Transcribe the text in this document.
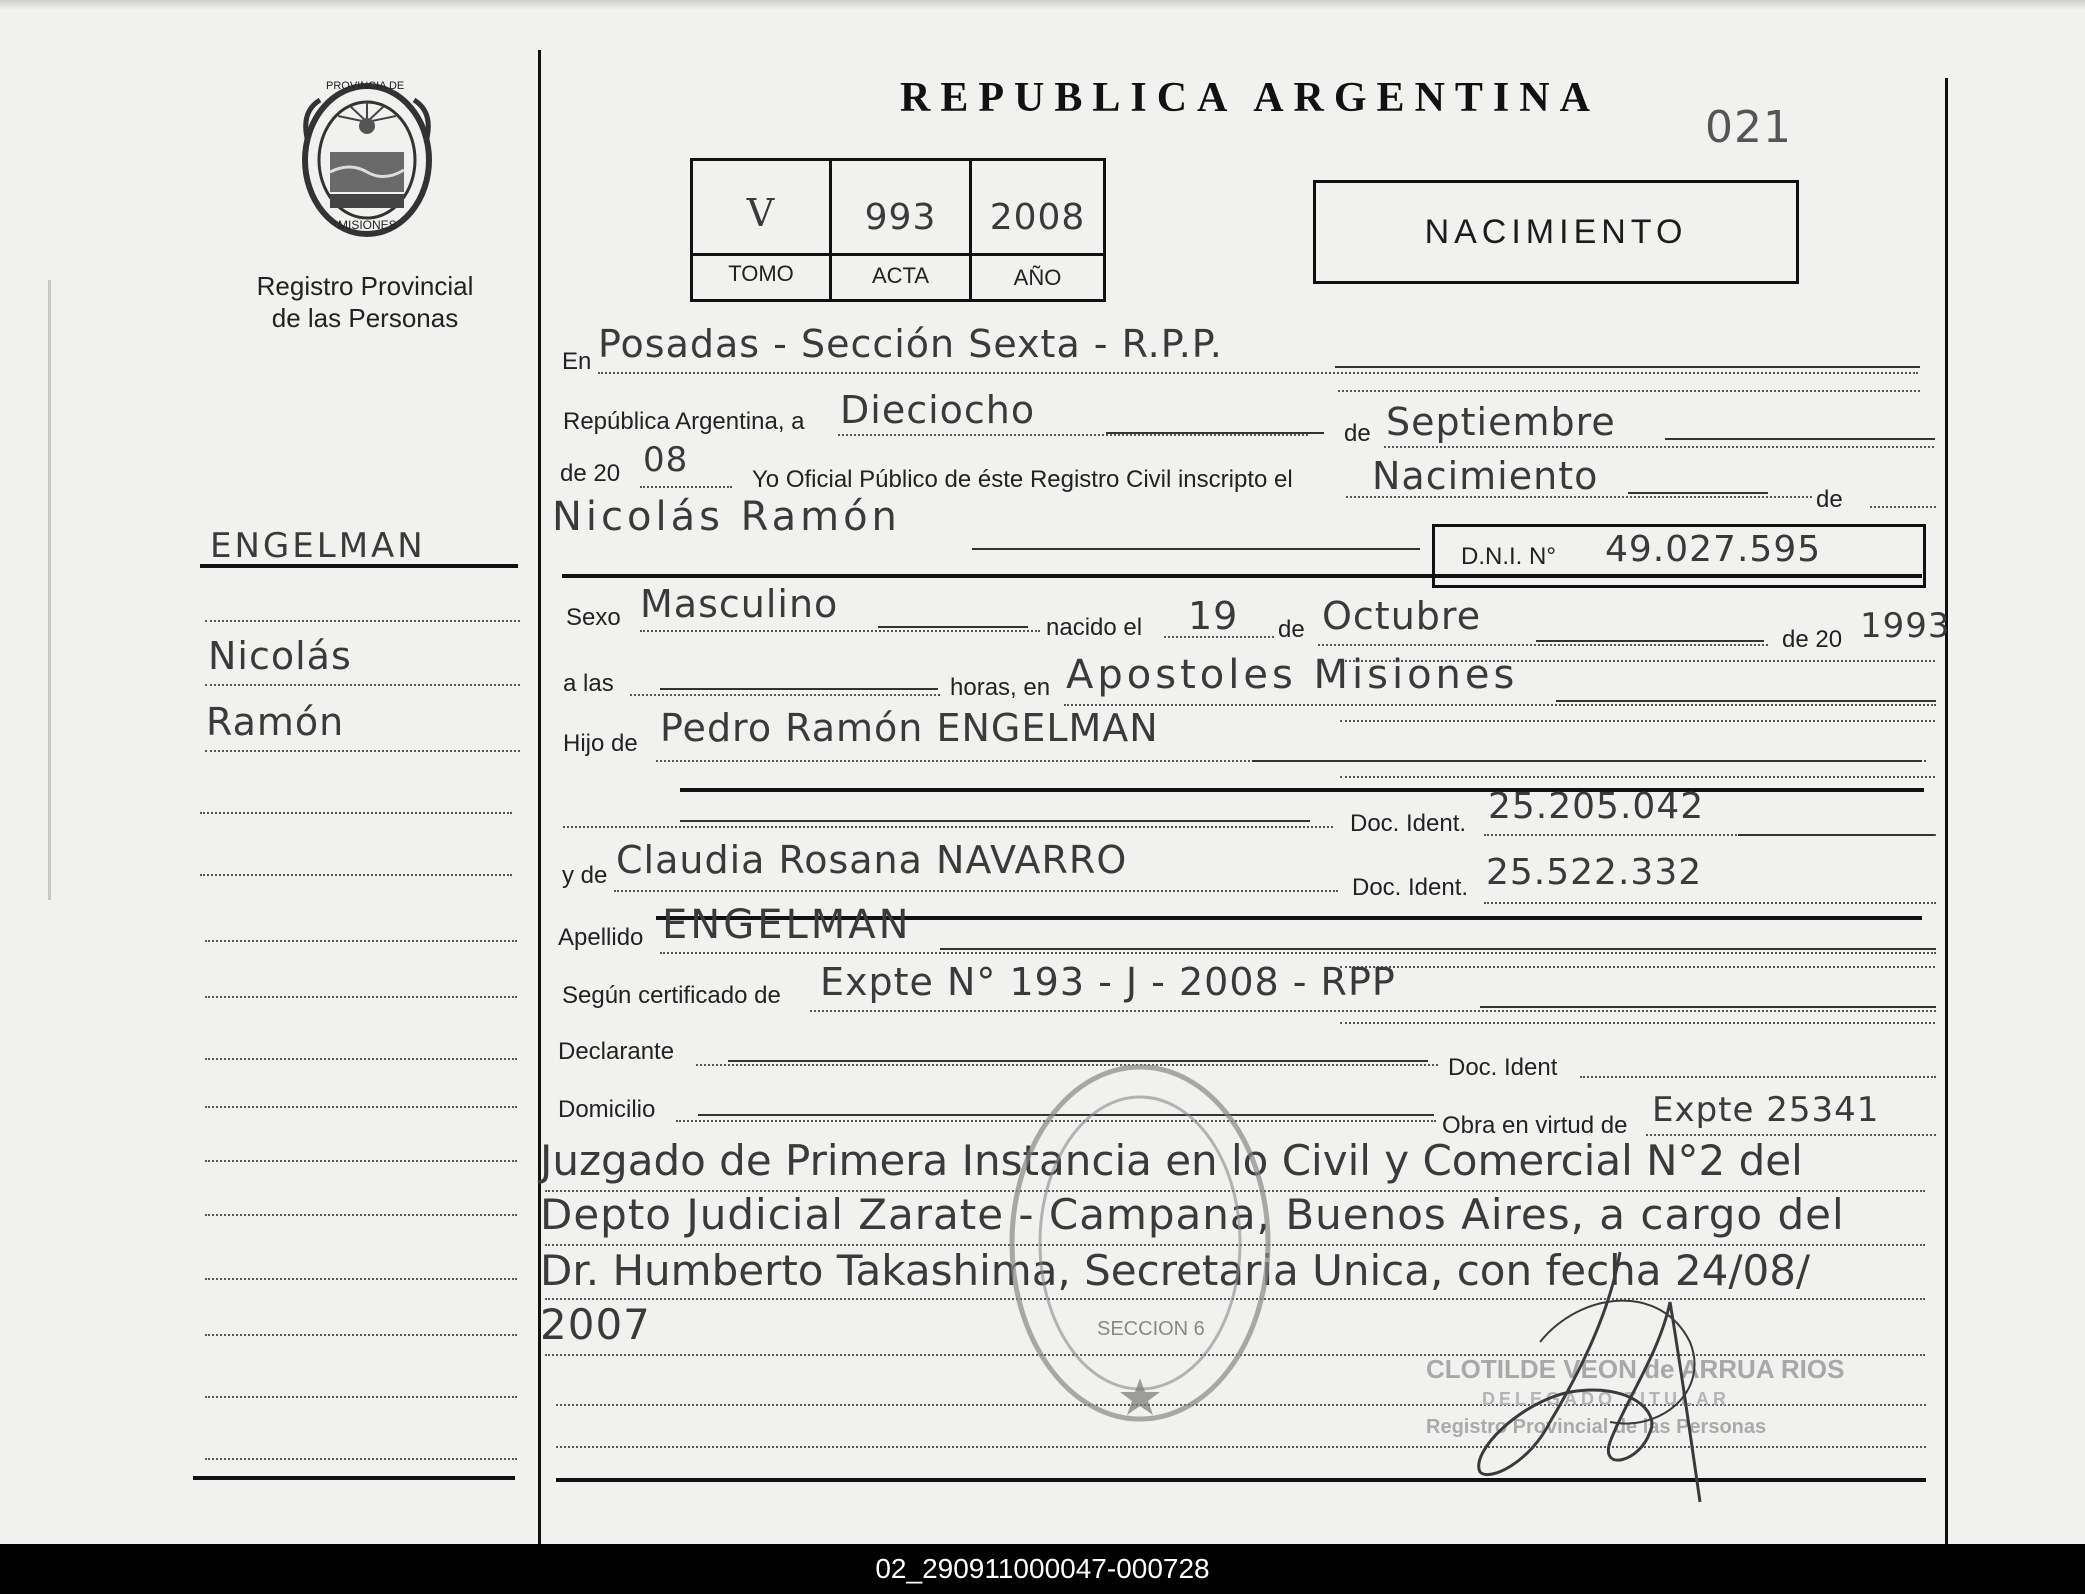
PROVINCIA DE
MISIONES
Registro Provincial
de las Personas
ENGELMAN
Nicolás
Ramón
REPUBLICA ARGENTINA
021
V	993	2008
TOMO	ACTA	AÑO
NACIMIENTO
En Posadas - Sección Sexta - R.P.P.
República Argentina, a Dieciocho
de Septiembre
de 20 08	Yo Oficial Público de éste Registro Civil inscripto el Nacimiento
de
Nicolás Ramón
D.N.I. N° 49.027.595
Sexo Masculino
nacido el 19 de Octubre
de 20 1993
a las	horas, en Apostoles Misiones
Hijo de Pedro Ramón ENGELMAN
Doc. Ident. 25.205.042
y de Claudia Rosana NAVARRO
Doc. Ident. 25.522.332
Apellido ENGELMAN
Según certificado de Expte N° 193 - J - 2008 - RPP
Declarante
Doc. Ident
Domicilio
Obra en virtud de Expte 25341
Juzgado de Primera Instancia en lo Civil y Comercial N°2 del
Depto Judicial Zarate - Campana, Buenos Aires, a cargo del
Dr. Humberto Takashima, Secretaria Unica, con fecha 24/08/
2007	SECCION 6
CLOTILDE VEON de ARRUA RIOS
DELEGADO TITULAR
Registro Provincial de las Personas
02_290911000047-000728
